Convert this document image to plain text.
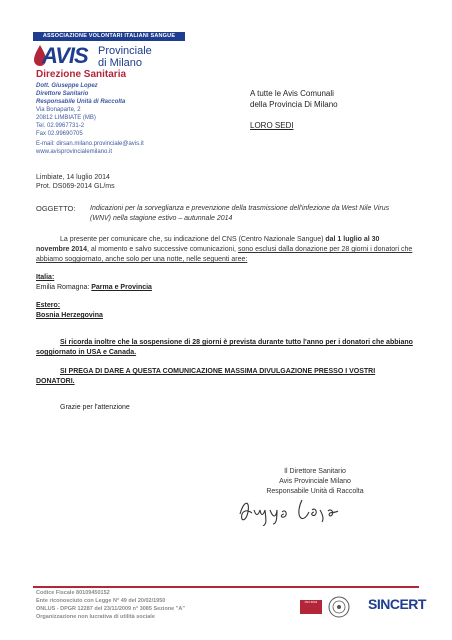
ASSOCIAZIONE VOLONTARI ITALIANI SANGUE
AVIS Provinciale
di Milano
Direzione Sanitaria
Dott. Giuseppe Lopez
Direttore Sanitario
Responsabile Unità di Raccolta
Via Bonaparte, 2
20812 LIMBIATE (MB)
Tel. 02.9967731-2
Fax 02.99690705
E-mail: dirsan.milano.provinciale@avis.it
www.avisprovincialemilano.it
A tutte le Avis Comunali
della Provincia Di Milano
LORO SEDI
Limbiate, 14 luglio 2014
Prot. DS069-2014 GL/ms
OGGETTO: Indicazioni per la sorveglianza e prevenzione della trasmissione dell'infezione da West Nile Virus (WNV) nella stagione estivo – autunnale 2014
La presente per comunicare che, su indicazione del CNS (Centro Nazionale Sangue) dal 1 luglio al 30 novembre 2014, al momento e salvo successive comunicazioni, sono esclusi dalla donazione per 28 giorni i donatori che abbiamo soggiornato, anche solo per una notte, nelle seguenti aree:
Italia:
Emilia Romagna: Parma e Provincia
Estero:
Bosnia Herzegovina
Si ricorda inoltre che la sospensione di 28 giorni è prevista durante tutto l'anno per i donatori che abbiano soggiornato in USA e Canada.
SI PREGA DI DARE A QUESTA COMUNICAZIONE MASSIMA DIVULGAZIONE PRESSO I VOSTRI DONATORI.
Grazie per l'attenzione
Il Direttore Sanitario
Avis Provinciale Milano
Responsabile Unità di Raccolta
Codice Fiscale 80109450152
Ente riconosciuto con Legge N° 49 del 20/02/1950
ONLUS - DPGR 12287 del 23/11/2009 n° 3085 Sezione "A"
Organizzazione non lucrativa di utilità sociale
ISO 9001	SINCERT
